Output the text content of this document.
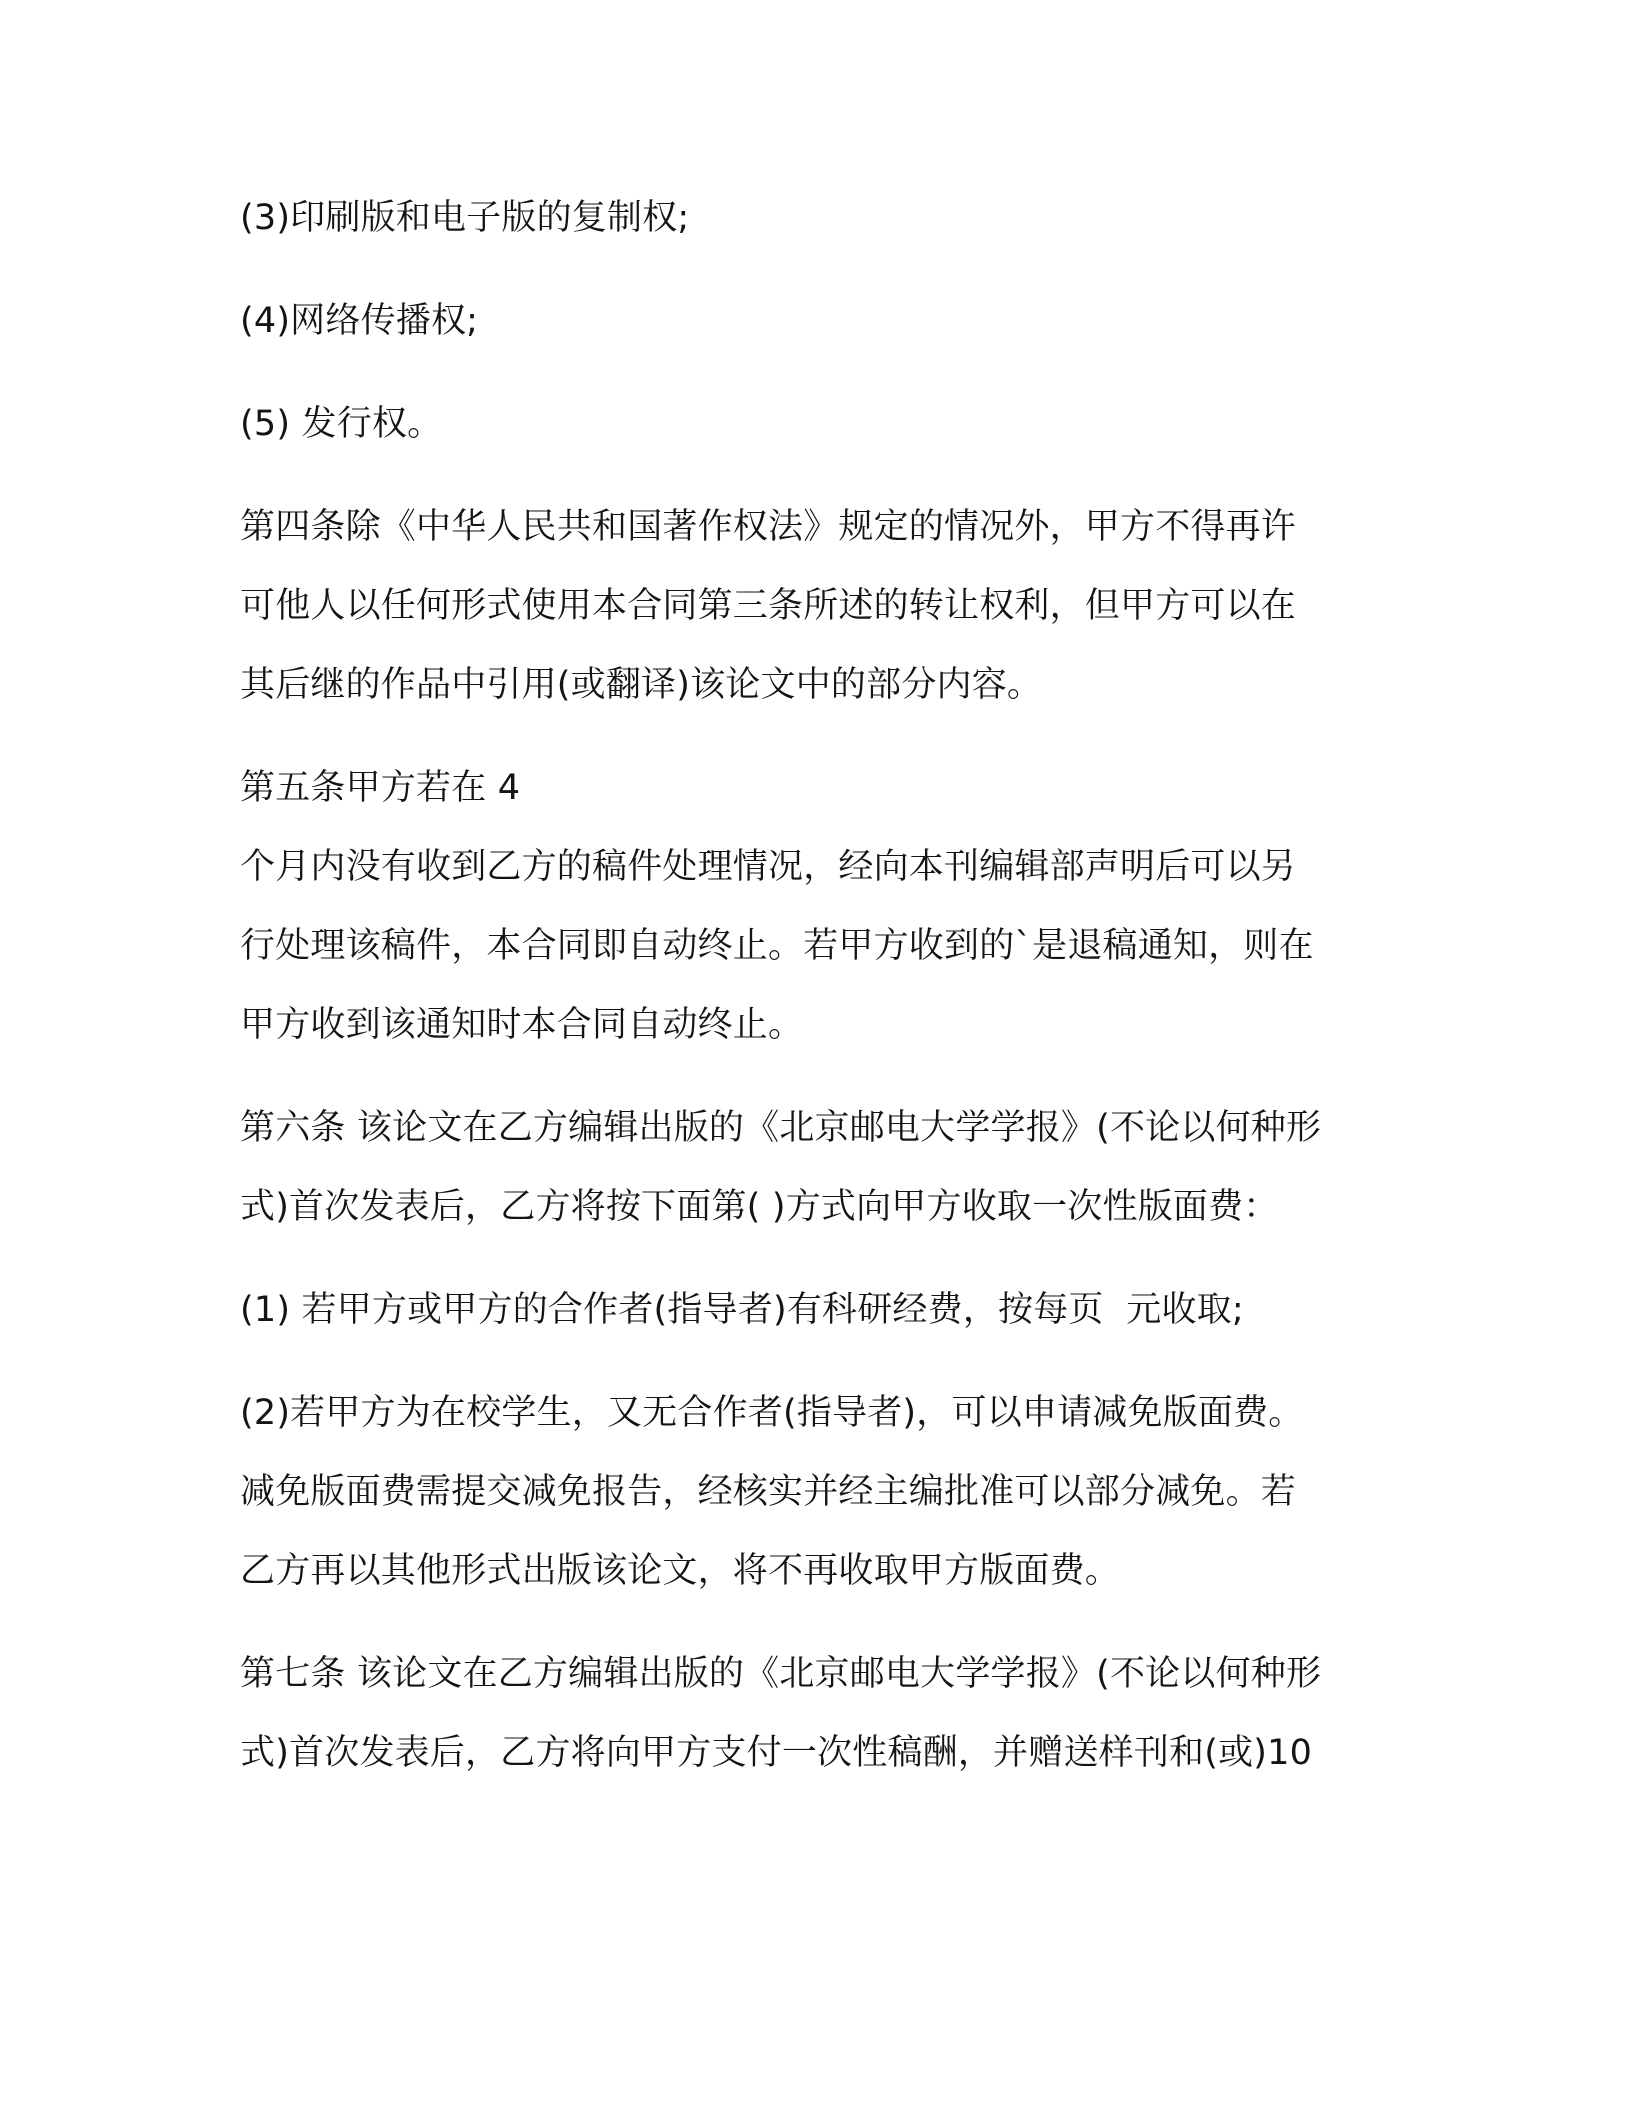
(3)印刷版和电子版的复制权;

(4)网络传播权;

(5) 发行权。

第四条除《中华人民共和国著作权法》规定的情况外，甲方不得再许

可他人以任何形式使用本合同第三条所述的转让权利，但甲方可以在

其后继的作品中引用(或翻译)该论文中的部分内容。

第五条甲方若在 4

个月内没有收到乙方的稿件处理情况，经向本刊编辑部声明后可以另

行处理该稿件，本合同即自动终止。若甲方收到的`是退稿通知，则在

甲方收到该通知时本合同自动终止。

第六条 该论文在乙方编辑出版的《北京邮电大学学报》(不论以何种形

式)首次发表后，乙方将按下面第( )方式向甲方收取一次性版面费：

(1) 若甲方或甲方的合作者(指导者)有科研经费，按每页  元收取;

(2)若甲方为在校学生，又无合作者(指导者)，可以申请减免版面费。

减免版面费需提交减免报告，经核实并经主编批准可以部分减免。若

乙方再以其他形式出版该论文，将不再收取甲方版面费。

第七条 该论文在乙方编辑出版的《北京邮电大学学报》(不论以何种形

式)首次发表后，乙方将向甲方支付一次性稿酬，并赠送样刊和(或)10
